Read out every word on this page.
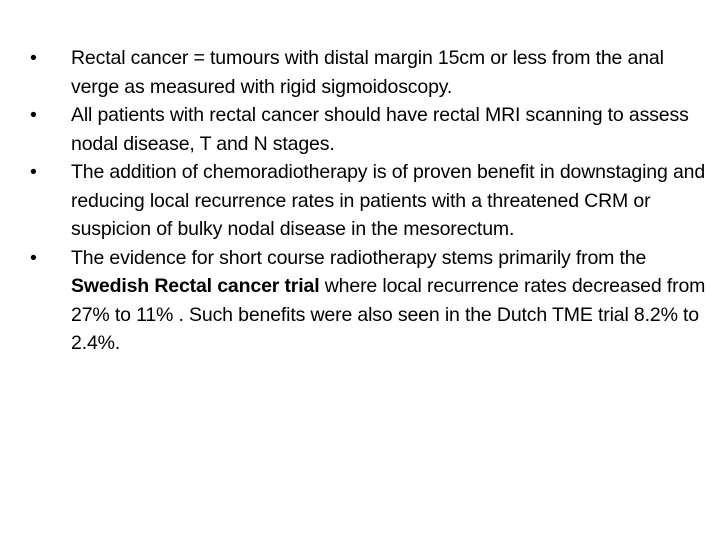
•	Rectal cancer = tumours with distal margin 15cm or less from the anal verge as measured with rigid sigmoidoscopy.
•	All patients with rectal cancer should have rectal MRI scanning to assess nodal disease, T and N stages.
•	The addition of chemoradiotherapy is of proven benefit in downstaging and reducing local recurrence rates in patients with a threatened CRM or suspicion of bulky nodal disease in the mesorectum.
•	The evidence for short course radiotherapy stems primarily from the Swedish Rectal cancer trial where local recurrence rates decreased from 27% to 11% . Such benefits were also seen in the Dutch TME trial 8.2% to 2.4%.
